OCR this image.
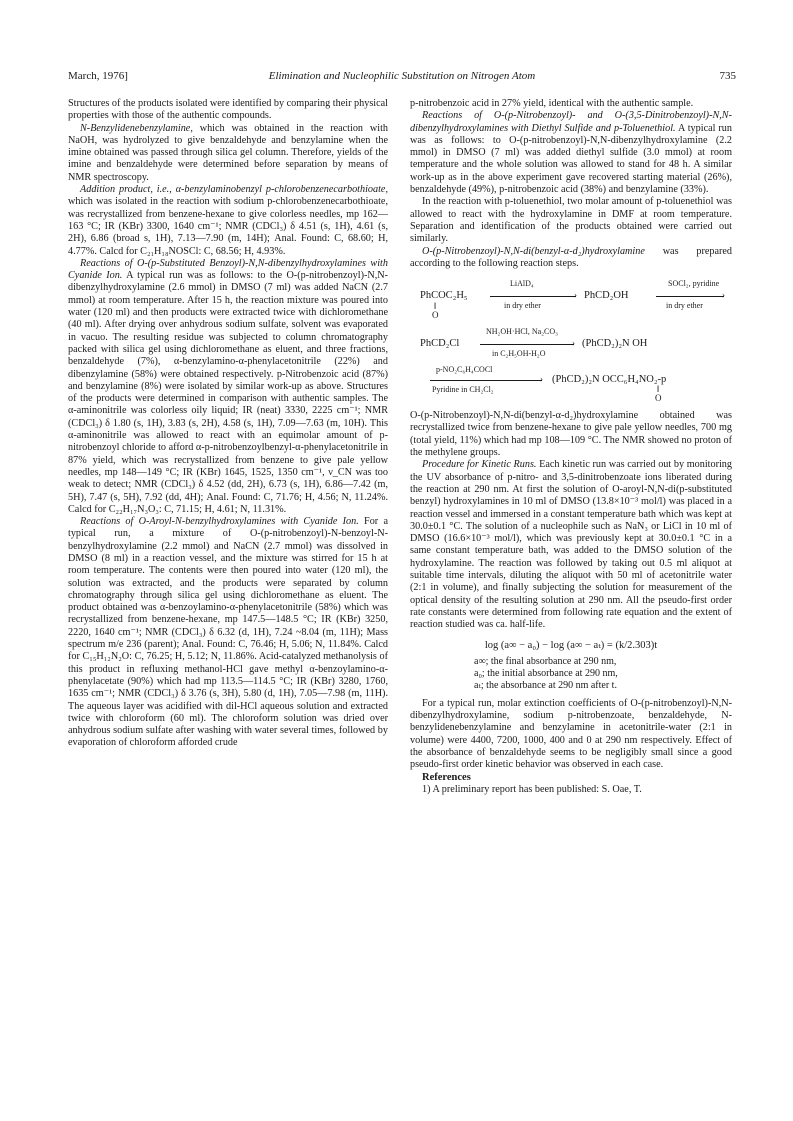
March, 1976]	Elimination and Nucleophilic Substitution on Nitrogen Atom	735

Structures of the products isolated were identified by comparing their physical properties with those of the authentic compounds.

N-Benzylidenebenzylamine, which was obtained in the reaction with NaOH, was hydrolyzed to give benzaldehyde and benzylamine when the imine obtained was passed through silica gel column. Therefore, yields of the imine and benzaldehyde were determined before separation by means of NMR spectroscopy.

Addition product, i.e., α-benzylaminobenzyl p-chlorobenzenecarbothioate, which was isolated in the reaction with sodium p-chlorobenzenecarbothioate, was recrystallized from benzene-hexane to give colorless needles, mp 162—163 °C; IR (KBr) 3300, 1640 cm⁻¹; NMR (CDCl₃) δ 4.51 (s, 1H), 4.61 (s, 2H), 6.86 (broad s, 1H), 7.13—7.90 (m, 14H); Anal. Found: C, 68.60; H, 4.77%. Calcd for C₂₁H₁₈NOSCl: C, 68.56; H, 4.93%.

Reactions of O-(p-Substituted Benzoyl)-N,N-dibenzylhydroxylamines with Cyanide Ion. A typical run was as follows: to the O-(p-nitrobenzoyl)-N,N-dibenzylhydroxylamine (2.6 mmol) in DMSO (7 ml) was added NaCN (2.7 mmol) at room temperature. After 15 h, the reaction mixture was poured into water (120 ml) and then products were extracted twice with dichloromethane (40 ml). After drying over anhydrous sodium sulfate, solvent was evaporated in vacuo. The resulting residue was subjected to column chromatography packed with silica gel using dichloromethane as eluent, and three fractions, benzaldehyde (7%), α-benzylamino-α-phenylacetonitrile (22%) and dibenzylamine (58%) were obtained respectively. p-Nitrobenzoic acid (87%) and benzylamine (8%) were isolated by similar work-up as above. Structures of the products were determined in comparison with authentic samples. The α-aminonitrile was colorless oily liquid; IR (neat) 3330, 2225 cm⁻¹; NMR (CDCl₃) δ 1.80 (s, 1H), 3.83 (s, 2H), 4.58 (s, 1H), 7.09—7.63 (m, 10H). This α-aminonitrile was allowed to react with an equimolar amount of p-nitrobenzoyl chloride to afford α-p-nitrobenzoylbenzyl-α-phenylacetonitrile in 87% yield, which was recrystallized from benzene to give pale yellow needles, mp 148—149 °C; IR (KBr) 1645, 1525, 1350 cm⁻¹, ν_CN was too weak to detect; NMR (CDCl₃) δ 4.52 (dd, 2H), 6.73 (s, 1H), 6.86—7.42 (m, 5H), 7.47 (s, 5H), 7.92 (dd, 4H); Anal. Found: C, 71.76; H, 4.56; N, 11.24%. Calcd for C₂₂H₁₇N₃O₃: C, 71.15; H, 4.61; N, 11.31%.

Reactions of O-Aroyl-N-benzylhydroxylamines with Cyanide Ion. For a typical run, a mixture of O-(p-nitrobenzoyl)-N-benzoyl-N-benzylhydroxylamine (2.2 mmol) and NaCN (2.7 mmol) was dissolved in DMSO (8 ml) in a reaction vessel, and the mixture was stirred for 15 h at room temperature. The contents were then poured into water (120 ml), the solution was extracted, and the products were separated by column chromatography through silica gel using dichloromethane as eluent. The product obtained was α-benzoylamino-α-phenylacetonitrile (58%) which was recrystallized from benzene-hexane, mp 147.5—148.5 °C; IR (KBr) 3250, 2220, 1640 cm⁻¹; NMR (CDCl₃) δ 6.32 (d, 1H), 7.24 ~8.04 (m, 11H); Mass spectrum m/e 236 (parent); Anal. Found: C, 76.46; H, 5.06; N, 11.84%. Calcd for C₁₅H₁₂N₂O: C, 76.25; H, 5.12; N, 11.86%. Acid-catalyzed methanolysis of this product in refluxing methanol-HCl gave methyl α-benzoylamino-α-phenylacetate (90%) which had mp 113.5—114.5 °C; IR (KBr) 3280, 1760, 1635 cm⁻¹; NMR (CDCl₃) δ 3.76 (s, 3H), 5.80 (d, 1H), 7.05—7.98 (m, 11H). The aqueous layer was acidified with dil-HCl aqueous solution and extracted twice with chloroform (60 ml). The chloroform solution was dried over anhydrous sodium sulfate after washing with water several times, followed by evaporation of chloroform afforded crude

p-nitrobenzoic acid in 27% yield, identical with the authentic sample.

Reactions of O-(p-Nitrobenzoyl)- and O-(3,5-Dinitrobenzoyl)-N,N-dibenzylhydroxylamines with Diethyl Sulfide and p-Toluenethiol. A typical run was as follows: to O-(p-nitrobenzoyl)-N,N-dibenzylhydroxylamine (2.2 mmol) in DMSO (7 ml) was added diethyl sulfide (3.0 mmol) at room temperature and the whole solution was allowed to stand for 48 h. A similar work-up as in the above experiment gave recovered starting material (26%), benzaldehyde (49%), p-nitrobenzoic acid (38%) and benzylamine (33%).

In the reaction with p-toluenethiol, two molar amount of p-toluenethiol was allowed to react with the hydroxylamine in DMF at room temperature. Separation and identification of the products obtained were carried out similarly.

O-(p-Nitrobenzoyl)-N,N-di(benzyl-α-d₂)hydroxylamine was prepared according to the following reaction steps.

PhCOC₂H₅
‖
O
LiAlD₄
›
in dry ether
PhCD₂OH
SOCl₂, pyridine
›
in dry ether
PhCD₂Cl
NH₂OH·HCl, Na₂CO₃
›
in C₂H₅OH-H₂O
(PhCD₂)₂N OH
p-NO₂C₆H₄COCl
›
Pyridine in CH₂Cl₂
(PhCD₂)₂N OCC₆H₄NO₂-p
‖
O

O-(p-Nitrobenzoyl)-N,N-di(benzyl-α-d₂)hydroxylamine obtained was recrystallized twice from benzene-hexane to give pale yellow needles, 700 mg (total yield, 11%) which had mp 108—109 °C. The NMR showed no proton of the methylene groups.

Procedure for Kinetic Runs. Each kinetic run was carried out by monitoring the UV absorbance of p-nitro- and 3,5-dinitrobenzoate ions liberated during the reaction at 290 nm. At first the solution of O-aroyl-N,N-di(p-substituted benzyl) hydroxylamines in 10 ml of DMSO (13.8×10⁻³ mol/l) was placed in a reaction vessel and immersed in a constant temperature bath which was kept at 30.0±0.1 °C. The solution of a nucleophile such as NaN₃ or LiCl in 10 ml of DMSO (16.6×10⁻³ mol/l), which was previously kept at 30.0±0.1 °C in a same constant temperature bath, was added to the DMSO solution of the hydroxylamine. The reaction was followed by taking out 0.5 ml aliquot at suitable time intervals, diluting the aliquot with 50 ml of acetonitrile water (2:1 in volume), and finally subjecting the solution for measurement of the optical density of the resulting solution at 290 nm. All the pseudo-first order rate constants were determined from following rate equation and the extent of reaction studied was ca. half-life.

log (a∞ − a₀) − log (a∞ − aₜ) = (k/2.303)t
a∞; the final absorbance at 290 nm,
a₀; the initial absorbance at 290 nm,
aₜ; the absorbance at 290 nm after t.

For a typical run, molar extinction coefficients of O-(p-nitrobenzoyl)-N,N-dibenzylhydroxylamine, sodium p-nitrobenzoate, benzaldehyde, N-benzylidenebenzylamine and benzylamine in acetonitrile-water (2:1 in volume) were 4400, 7200, 1000, 400 and 0 at 290 nm respectively. Effect of the absorbance of benzaldehyde seems to be negligibly small since a good pseudo-first order kinetic behavior was observed in each case.

References

1) A preliminary report has been published: S. Oae, T.
